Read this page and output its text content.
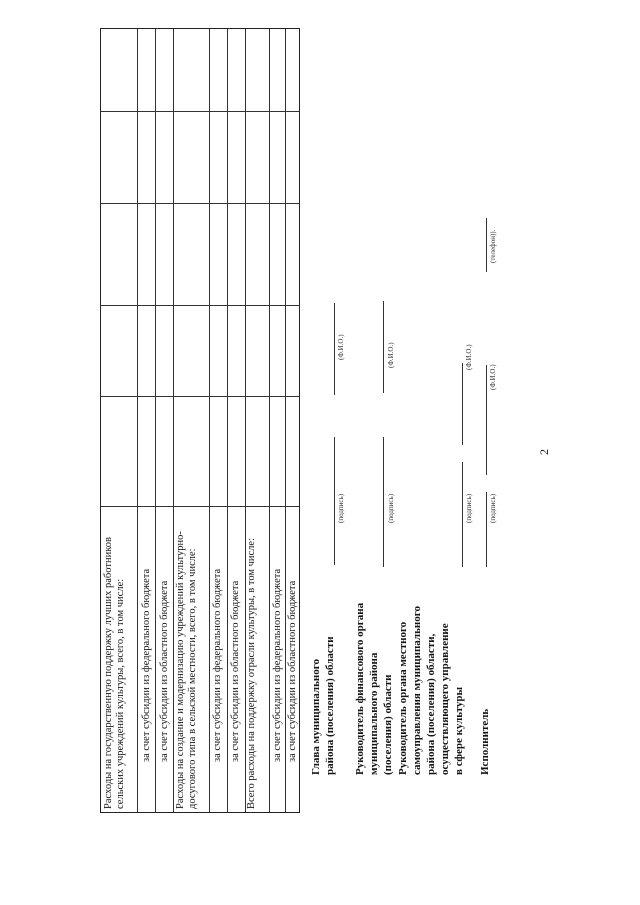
2
Расходы на государственную поддержку лучших работников сельских учреждений культуры, всего, в том числе: за счет субсидии из федерального бюджета за счет субсидии из областного бюджета Расходы на создание и модернизацию учреждений культурно-досугового типа в сельской местности, всего, в том числе: за счет субсидии из федерального бюджета за счет субсидии из областного бюджета Всего расходы на поддержку отрасли культуры, в том числе: за счет субсидии из федерального бюджета за счет субсидии из областного бюджета Глава муниципального
района (поселения) области
(подпись)
(Ф.И.О.)
Руководитель финансового органа
муниципального района
(поселения) области
(подпись)
(Ф.И.О.)
Руководитель органа местного
самоуправления муниципального
района (поселения) области,
осуществляющего управление
в сфере культуры
(подпись)
(Ф.И.О.)
Исполнитель
(подпись)
(Ф.И.О.)
(телефон)).
